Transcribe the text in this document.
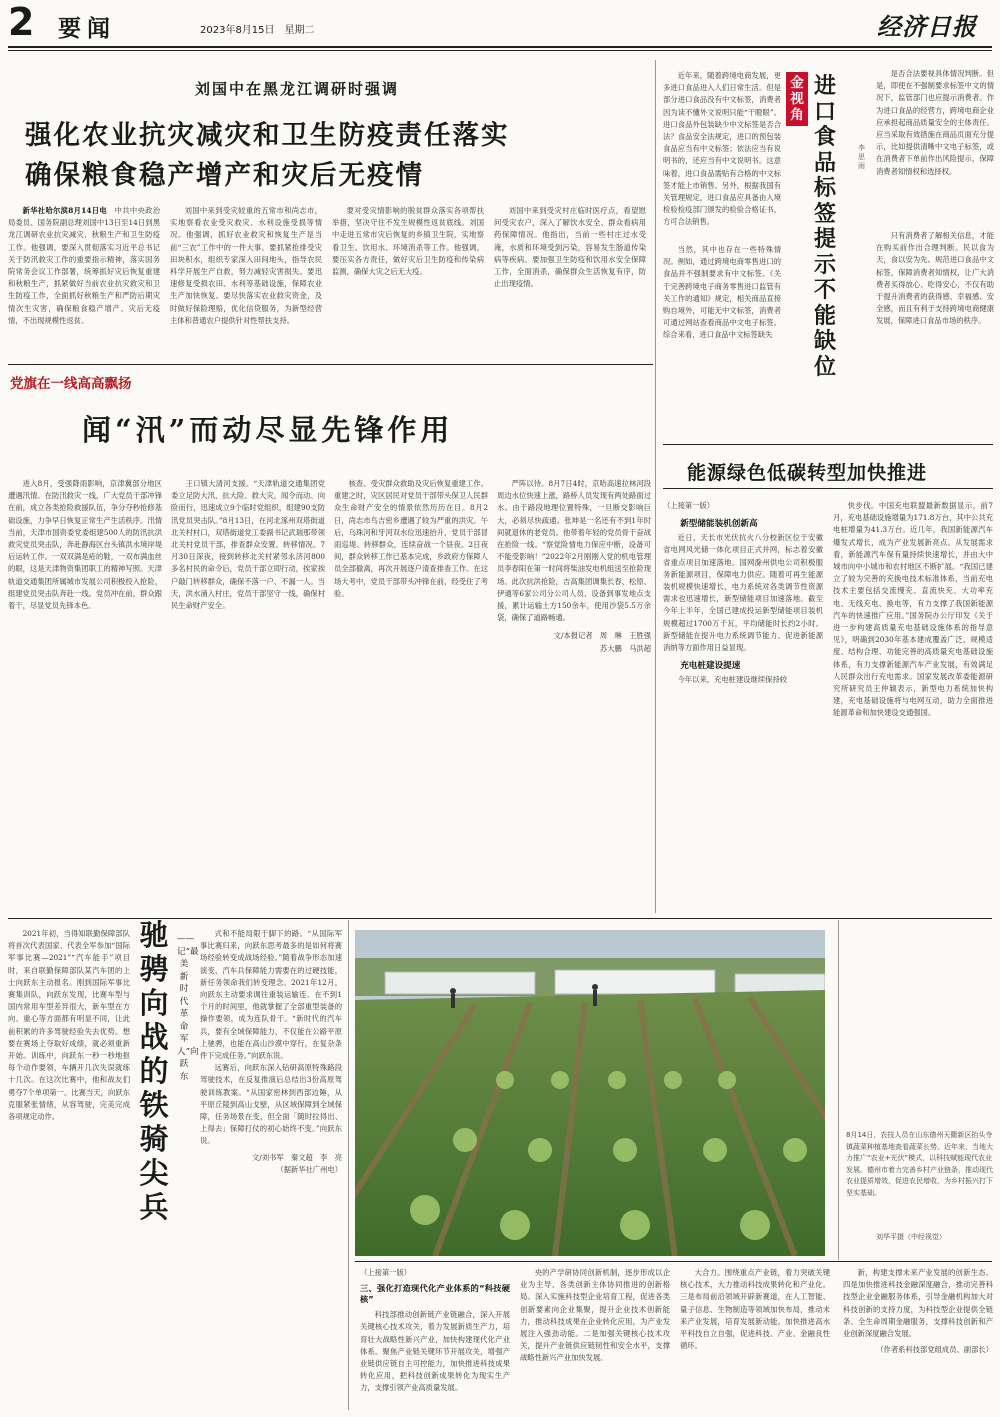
2 要闻	2023年8月15日　星期二	经济日报
刘国中在黑龙江调研时强调
强化农业抗灾减灾和卫生防疫责任落实
确保粮食稳产增产和灾后无疫情

新华社哈尔滨8月14日电　 中共中央政治局委员、国务院副总理刘国中13日至14日到黑龙江调研农业抗灾减灾、秋粮生产和卫生防疫工作。他强调，要深入贯彻落实习近平总书记关于防汛救灾工作的重要指示精神，落实国务院常务会议工作部署，统筹抓好灾后恢复重建和秋粮生产，抓紧做好当前农业抗灾救灾和卫生防疫工作，全面抓好秋粮生产和严防后期灾情次生灾害，确保粮食稳产增产、灾后无疫情，不出现规模性返贫。

刘国中来到受灾较重的五常市和尚志市，实地察看农业受灾救灾、水利设施受损等情况。他强调，抓好农业救灾和恢复生产是当前“三农”工作中的一件大事。要抓紧抢排受灾田块积水，组织专家深入田间地头，指导农民科学开展生产自救，努力减轻灾害损失。要迅速修复受损农田、水利等基础设施，保障农业生产加快恢复。要尽快落实农业救灾资金，及时做好保险理赔，优化信贷服务，为新型经营主体和普通农户提供针对性帮扶支持。

要对受灾情影响的脱贫群众落实各项帮扶举措，坚决守住不发生规模性返贫底线。刘国中走进五常市灾后恢复的乡镇卫生院，实地察看卫生、饮用水、环境消杀等工作。他强调，要压实各方责任，做好灾后卫生防疫和传染病监测，确保大灾之后无大疫。

刘国中来到受灾村庄临时医疗点，看望慰问受灾农户，深入了解饮水安全、群众看病用药保障情况。他指出，当前一些村庄过水受淹，水质和环境受到污染，容易发生肠道传染病等疾病。要加强卫生防疫和饮用水安全保障工作，全面消杀，确保群众生活恢复有序，防止出现疫情。

近年来，随着跨境电商发展，更多进口食品进入人们日常生活。但是部分进口食品没有中文标签，消费者因为读不懂外文说明只能“干瞪眼”。进口食品外包装缺少中文标签是否合法？食品安全法规定，进口的预包装食品应当有中文标签；依法应当有说明书的，还应当有中文说明书。这意味着，进口食品需贴有合格的中文标签才能上市销售。另外，根据我国有关管理规定，进口食品应具备由入境检验检疫部门颁发的检验合格证书，方可合法销售。

金视角
进口食品标签提示不能缺位
李思雨

当然，其中也存在一些特殊情况。例如，通过跨境电商零售进口的食品并不强制要求有中文标签。《关于完善跨境电子商务零售进口监管有关工作的通知》规定，相关商品直接购自境外，可能无中文标签，消费者可通过网站查看商品中文电子标签。综合来看，进口食品中文标签缺失

是否合法要视具体情况判断。但是，即使在不强制要求标签中文的情况下，监管部门也应提示消费者。作为进口食品的经营方，跨境电商企业应承担起商品质量安全的主体责任。应当采取有效措施在商品页面充分提示，比如提供清晰中文电子标签，或在消费者下单前作出风险提示，保障消费者知情权和选择权。

只有消费者了解相关信息，才能在购买前作出合理判断。民以食为天，食以安为先。规范进口食品中文标签，保障消费者知情权，让广大消费者买得放心、吃得安心，不仅有助于提升消费者的获得感、幸福感、安全感，而且有利于支持跨境电商健康发展，保障进口食品市场的秩序。

党旗在一线高高飘扬
闻“汛”而动尽显先锋作用

进入8月，受强降雨影响，京津冀部分地区遭遇汛情。在防汛救灾一线，广大党员干部冲锋在前，成立各类抢险救援队伍，争分夺秒抢修基础设施，力争早日恢复正常生产生活秩序。汛情当前，天津市国资委党委组建500人的防汛抗洪救灾党员突击队，奔赴静海区台头镇洪水境岸堤后运转工作。一双双满是疮的鞋，一双布满血丝的眼，这是天津物资集团职工的精神写照。天津轨道交通集团所属城市发展公司积极投入抢险，组建党员突击队奔赴一线。党员冲在前，群众跟着干，尽显党员先锋本色。

王口镇大清河支援。“天津轨道交通集团党委立足防大汛、抗大险、救大灾，闻令而动、向险而行，迅速成立9个临时党组织，组建90支防汛党员突击队。”8月13日，在河北涿州双塔街道北关村村口，双塔街道党工委副书记武瑞那带领北关村党员干部，排查群众安置、转移情况。7月30日深夜，接到转移北关村紧邻永济河800多名村民的命令后，党员干部立即行动，挨家挨户敲门转移群众，确保不落一户、不漏一人。当天，洪水涌入村庄，党员干部坚守一线，确保村民生命财产安全。

核查、受灾群众救助及灾后恢复重建工作。重建之时，灾区居民对党员干部带头保卫人民群众生命财产安全的情景依然历历在目。8月2日，尚志市鸟吉密乡遭遇了较为严重的洪灾。午后，乌珠河和牙河双水位迅速抬升，党员干部冒雨巡堤、转移群众，连续奋战一个昼夜。2日夜间，群众转移工作已基本完成，乡政府方保障人员全部撤离，再次开展逐户清查排查工作。在这场大考中，党员干部带头冲锋在前，经受住了考验。

严阵以待。8月7日4时，京哈高速拉林河段周边水位快速上涨，路桥人员发现有两处路面过水。由于路段地理位置特殊，一旦断交影响巨大，必须尽快疏通。张坤是一名还有不到1年时间就退休的老党员。他带着年轻的党员骨干奋战在抢险一线。“察觉险情电力保应中断，设备可不能受影响！”2022年2月刚刚入党的机电管理员李春阳在第一时间将柴油发电机组送至抢险现场。此次抗洪抢险，吉高集团调集长春、松原、伊通等6家公司分公司人员、设备到事发地点支援，累计运输土方150余车，使用沙袋5.5万余袋，确保了道路畅通。

文/本报记者　周　琳　王胜强
　　　苏大鹏　马洪超

能源绿色低碳转型加快推进

（上接第一版）

新型储能装机创新高

近日，天长市光伏抗火八分校新区位于安徽省电网风光储一体化项目正式并网，标志着安徽省重点项目加速落地。国网滁州供电公司积极服务新能源项目，保障电力供应。随着可再生能源装机规模快速增长，电力系统对各类调节性资源需求也迅速增长，新型储能项目加速落地。截至今年上半年，全国已建成投运新型储能项目装机规模超过1700万千瓦，平均储能时长约2小时。新型储能在提升电力系统调节能力、促进新能源消纳等方面作用日益显现。

充电桩建设提速

今年以来，充电桩建设继续保持较

快步伐。中国充电联盟最新数据显示，前7月，充电基础设施增量为171.8万台，其中公共充电桩增量为41.3万台。近几年，我国新能源汽车爆发式增长，成为产业发展新亮点。从发展需求看，新能源汽车保有量持续快速增长，并由大中城市向中小城市和农村地区不断扩展。“我国已建立了较为完善的充换电技术标准体系，当前充电技术主要包括交流慢充、直流快充、大功率充电、无线充电、换电等，有力支撑了我国新能源汽车的快速推广应用。”国务院办公厅印发《关于进一步构建高质量充电基础设施体系的指导意见》，明确到2030年基本建成覆盖广泛、规模适度、结构合理、功能完善的高质量充电基础设施体系，有力支撑新能源汽车产业发展，有效满足人民群众出行充电需求。国家发展改革委能源研究所研究员王仲颖表示，新型电力系统加快构建，充电基础设施将与电网互动，助力全面推进能源革命和加快建设交通强国。

2021年初，当得知联勤保障部队将首次代表国家、代表全军参加“国际军事比赛—2021”“汽车能手”项目时，来自联勤保障部队某汽车团的上士向跃东主动报名。刚到国际军事比赛集训队，向跃东发现，比赛车型与国内常用车型差异很大，新车型在方向、重心等方面都有明显不同，让此前积累的许多驾驶经验失去优势。想要在赛场上夺取好成绩，就必须重新开始。训练中，向跃东一秒一秒地抠每个动作要领，车辆开几次失误就练十几次。在这次比赛中，他和战友们勇夺7个单项第一。比赛当天，向跃东克服紧张情绪，从容驾驶，完美完成各项规定动作。

驰骋向战的铁骑尖兵
——记“最美新时代革命军人”向跃东

式和不能局限于脚下的路。“从国际军事比赛归来，向跃东思考最多的是如何将赛场经验转变成战场经验。”随着战争形态加速演变，汽车兵保障能力需要在的过硬技能，新任务领命我们转变理念。2021年12月，向跃东主动要求调往重装运输连。在不到1个月的时间里，他就掌握了全部重型装备的操作要领，成为连队骨干。“新时代的汽车兵，要有全域保障能力，不仅能在公路平原上驰骋，也能在高山沙漠中穿行，在复杂条件下完成任务。”向跃东说。

远赛后，向跃东深入钻研高原特殊路段驾驶技术，在反复推演后总结出3份高原驾驶训练教案。“从国家密林到西部边陲，从平原丘陵到高山戈壁，从区域保障到全域保障，任务场景在变，但全面「随时拉得出、上得去」保障打仗的初心始终不变。”向跃东说。

文/刘书军　秦文超　李　亮
（据新华社广州电）

8月14日，农技人员在山东德州天衢新区抬头寺镇蔬菜种植基地查看蔬菜长势。近年来，当地大力推广“农业+光伏”模式，以科技赋能现代农业发展。德州市着力完善乡村产业链条，推动现代农业提质增效，促进农民增收，为乡村振兴打下坚实基础。
刘华平摄（中经视觉）

（上接第一版）

三、强化打造现代化产业体系的“科技硬核”

科技部推动创新链产业链融合，深入开展关键核心技术攻关，着力发展新质生产力，培育壮大战略性新兴产业，加快构建现代化产业体系。聚焦产业链关键环节开展攻关，增强产业链供应链自主可控能力，加快推进科技成果转化应用，把科技创新成果转化为现实生产力，支撑引领产业高质量发展。

央的产学研协同创新机制，逐步形成以企业为主导、各类创新主体协同推进的创新格局。深入实施科技型企业培育工程，促进各类创新要素向企业集聚，提升企业技术创新能力，推动科技成果在企业转化应用，为产业发展注入强劲动能。二是加强关键核心技术攻关，提升产业链供应链韧性和安全水平，支撑战略性新兴产业加快发展。

大合力。围绕重点产业链，着力突破关键核心技术，大力推动科技成果转化和产业化。三是布局前沿领域开辟新赛道，在人工智能、量子信息、生物制造等领域加快布局，推动未来产业发展，培育发展新动能。加快推进高水平科技自立自强，促进科技、产业、金融良性循环。

新，构建支撑未来产业发展的创新生态。四是加快推进科技金融深度融合，推动完善科技型企业金融服务体系，引导金融机构加大对科技创新的支持力度，为科技型企业提供全链条、全生命周期金融服务，支撑科技创新和产业创新深度融合发展。

（作者系科技部党组成员、副部长）
